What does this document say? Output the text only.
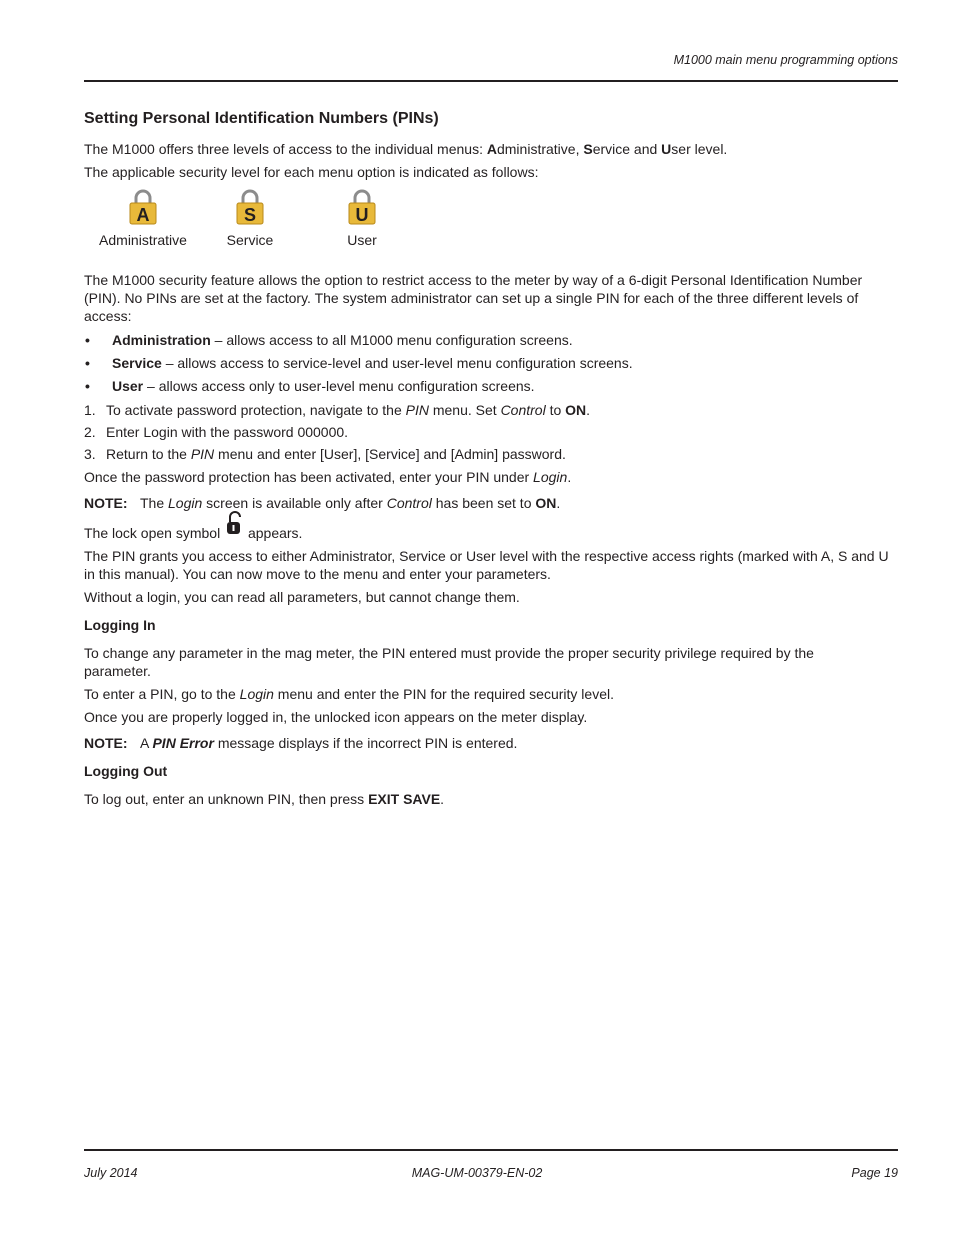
M1000 main menu programming options
Setting Personal Identification Numbers (PINs)

The M1000 offers three levels of access to the individual menus: Administrative, Service and User level.

The applicable security level for each menu option is indicated as follows:

A
Administrative
S
Service
U
User

The M1000 security feature allows the option to restrict access to the meter by way of a 6-digit Personal Identification Number (PIN). No PINs are set at the factory. The system administrator can set up a single PIN for each of the three different levels of access:

• Administration – allows access to all M1000 menu configuration screens.
• Service – allows access to service-level and user-level menu configuration screens.
• User – allows access only to user-level menu configuration screens.
1. To activate password protection, navigate to the PIN menu. Set Control to ON.
2. Enter Login with the password 000000.
3. Return to the PIN menu and enter [User], [Service] and [Admin] password.

Once the password protection has been activated, enter your PIN under Login.

NOTE: The Login screen is available only after Control has been set to ON.

The lock open symbol  appears.

The PIN grants you access to either Administrator, Service or User level with the respective access rights (marked with A, S and U in this manual). You can now move to the menu and enter your parameters.

Without a login, you can read all parameters, but cannot change them.

Logging In

To change any parameter in the mag meter, the PIN entered must provide the proper security privilege required by the parameter.

To enter a PIN, go to the Login menu and enter the PIN for the required security level.

Once you are properly logged in, the unlocked icon appears on the meter display.

NOTE: A PIN Error message displays if the incorrect PIN is entered.

Logging Out

To log out, enter an unknown PIN, then press EXIT SAVE.

July 2014	MAG-UM-00379-EN-02	Page 19
